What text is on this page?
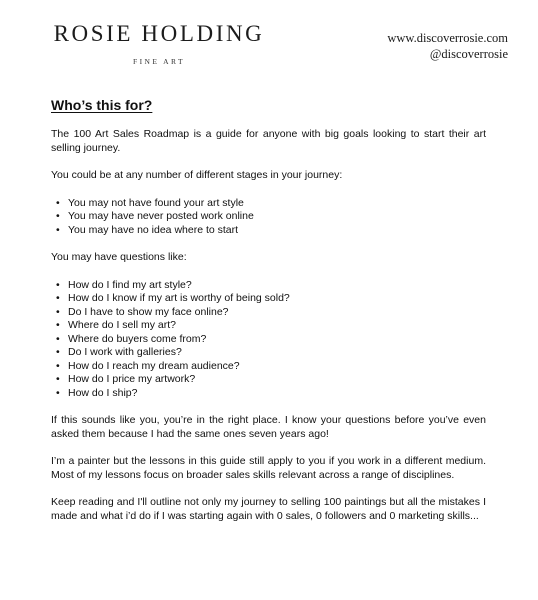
ROSIE HOLDING
FINE ART
www.discoverrosie.com
@discoverrosie
Who’s this for?

The 100 Art Sales Roadmap is a guide for anyone with big goals looking to start their art selling journey.

You could be at any number of different stages in your journey:

• You may not have found your art style
• You may have never posted work online
• You may have no idea where to start

You may have questions like:

• How do I find my art style?
• How do I know if my art is worthy of being sold?
• Do I have to show my face online?
• Where do I sell my art?
• Where do buyers come from?
• Do I work with galleries?
• How do I reach my dream audience?
• How do I price my artwork?
• How do I ship?

If this sounds like you, you’re in the right place. I know your questions before you’ve even asked them because I had the same ones seven years ago!

I’m a painter but the lessons in this guide still apply to you if you work in a different medium. Most of my lessons focus on broader sales skills relevant across a range of disciplines.

Keep reading and I'll outline not only my journey to selling 100 paintings but all the mistakes I made and what i’d do if I was starting again with 0 sales, 0 followers and 0 marketing skills...
